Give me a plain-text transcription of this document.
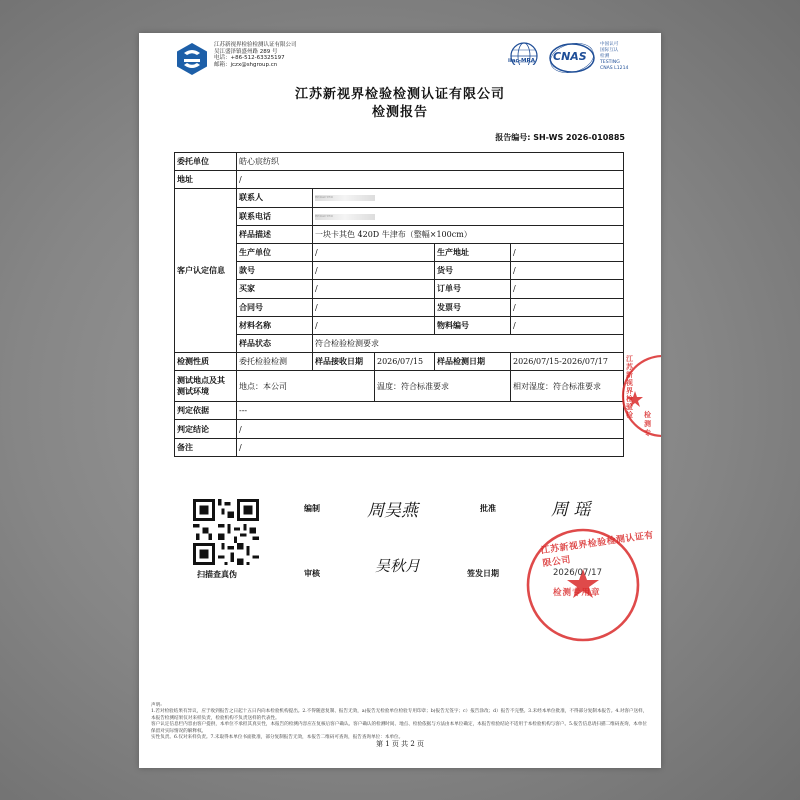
江苏新视界检验检测认证有限公司
吴江盛泽镇盛州路 289 号
电话：+86-512-63325197
邮箱：jczx@shgroup.cn
ilac-MRA CNAS
中国认可
国际互认
检测
TESTING
CNAS L1214
江苏新视界检验检测认证有限公司
检测报告
报告编号: SH-WS 2026-010885
委托单位	皓心宸纺织				
地址	/				
客户认定信息	联系人	REDACTED			
	联系电话	REDACTED			
	样品描述	一块卡其色 420D 牛津布（整幅×100cm）			
	生产单位	/		生产地址	/
	款号	/		货号	/
	买家	/		订单号	/
	合同号	/		发票号	/
	材料名称	/		物料编号	/
	样品状态	符合检验检测要求			
检测性质	委托检验检测	样品接收日期	2026/07/15	样品检测日期	2026/07/15-2026/07/17

测试地点及其
测试环境	地点：本公司		温度：符合标准要求		相对湿度：符合标准要求
判定依据	---				
判定结论	/				
备注	/				
江苏新视界检验检	检测专
扫描查真伪
编制	周吴燕	批准	周 瑶
审核	吴秋月	签发日期
江苏新视界检验检测认证有限公司
2026/07/17
检测专用章
声明:
1.若对检验结果有异议，应于收到报告之日起十五日内向本检验机构提出。2.不得随意复制、报告无效，a)报告无检验单位检验专用印章；b)报告无签字；c）报告涂改；d）报告不完整。3.未经本单位批准，不得部分复制本报告。4.对客户送样，本报告检测结果仅对来样负责，检验机构不负责送样的代表性。
客户认定信息栏内容由客户提供，本单位不承担其真实性，本报告的检测内容应在复核后客户确认。客户确认的检测时间、地点、检验依据与方法由本单位确定，本报告检验结论不适用于本检验机构与客户。5.报告信息请扫描二维码查询，本单位保留对实际情况的解释权。
实性负责。6.仅对来样负责。7.未取得本单位书面批准，部分复制报告无效，本报告二维码可查询，报告查询单位：本单位。
第 1 页 共 2 页
